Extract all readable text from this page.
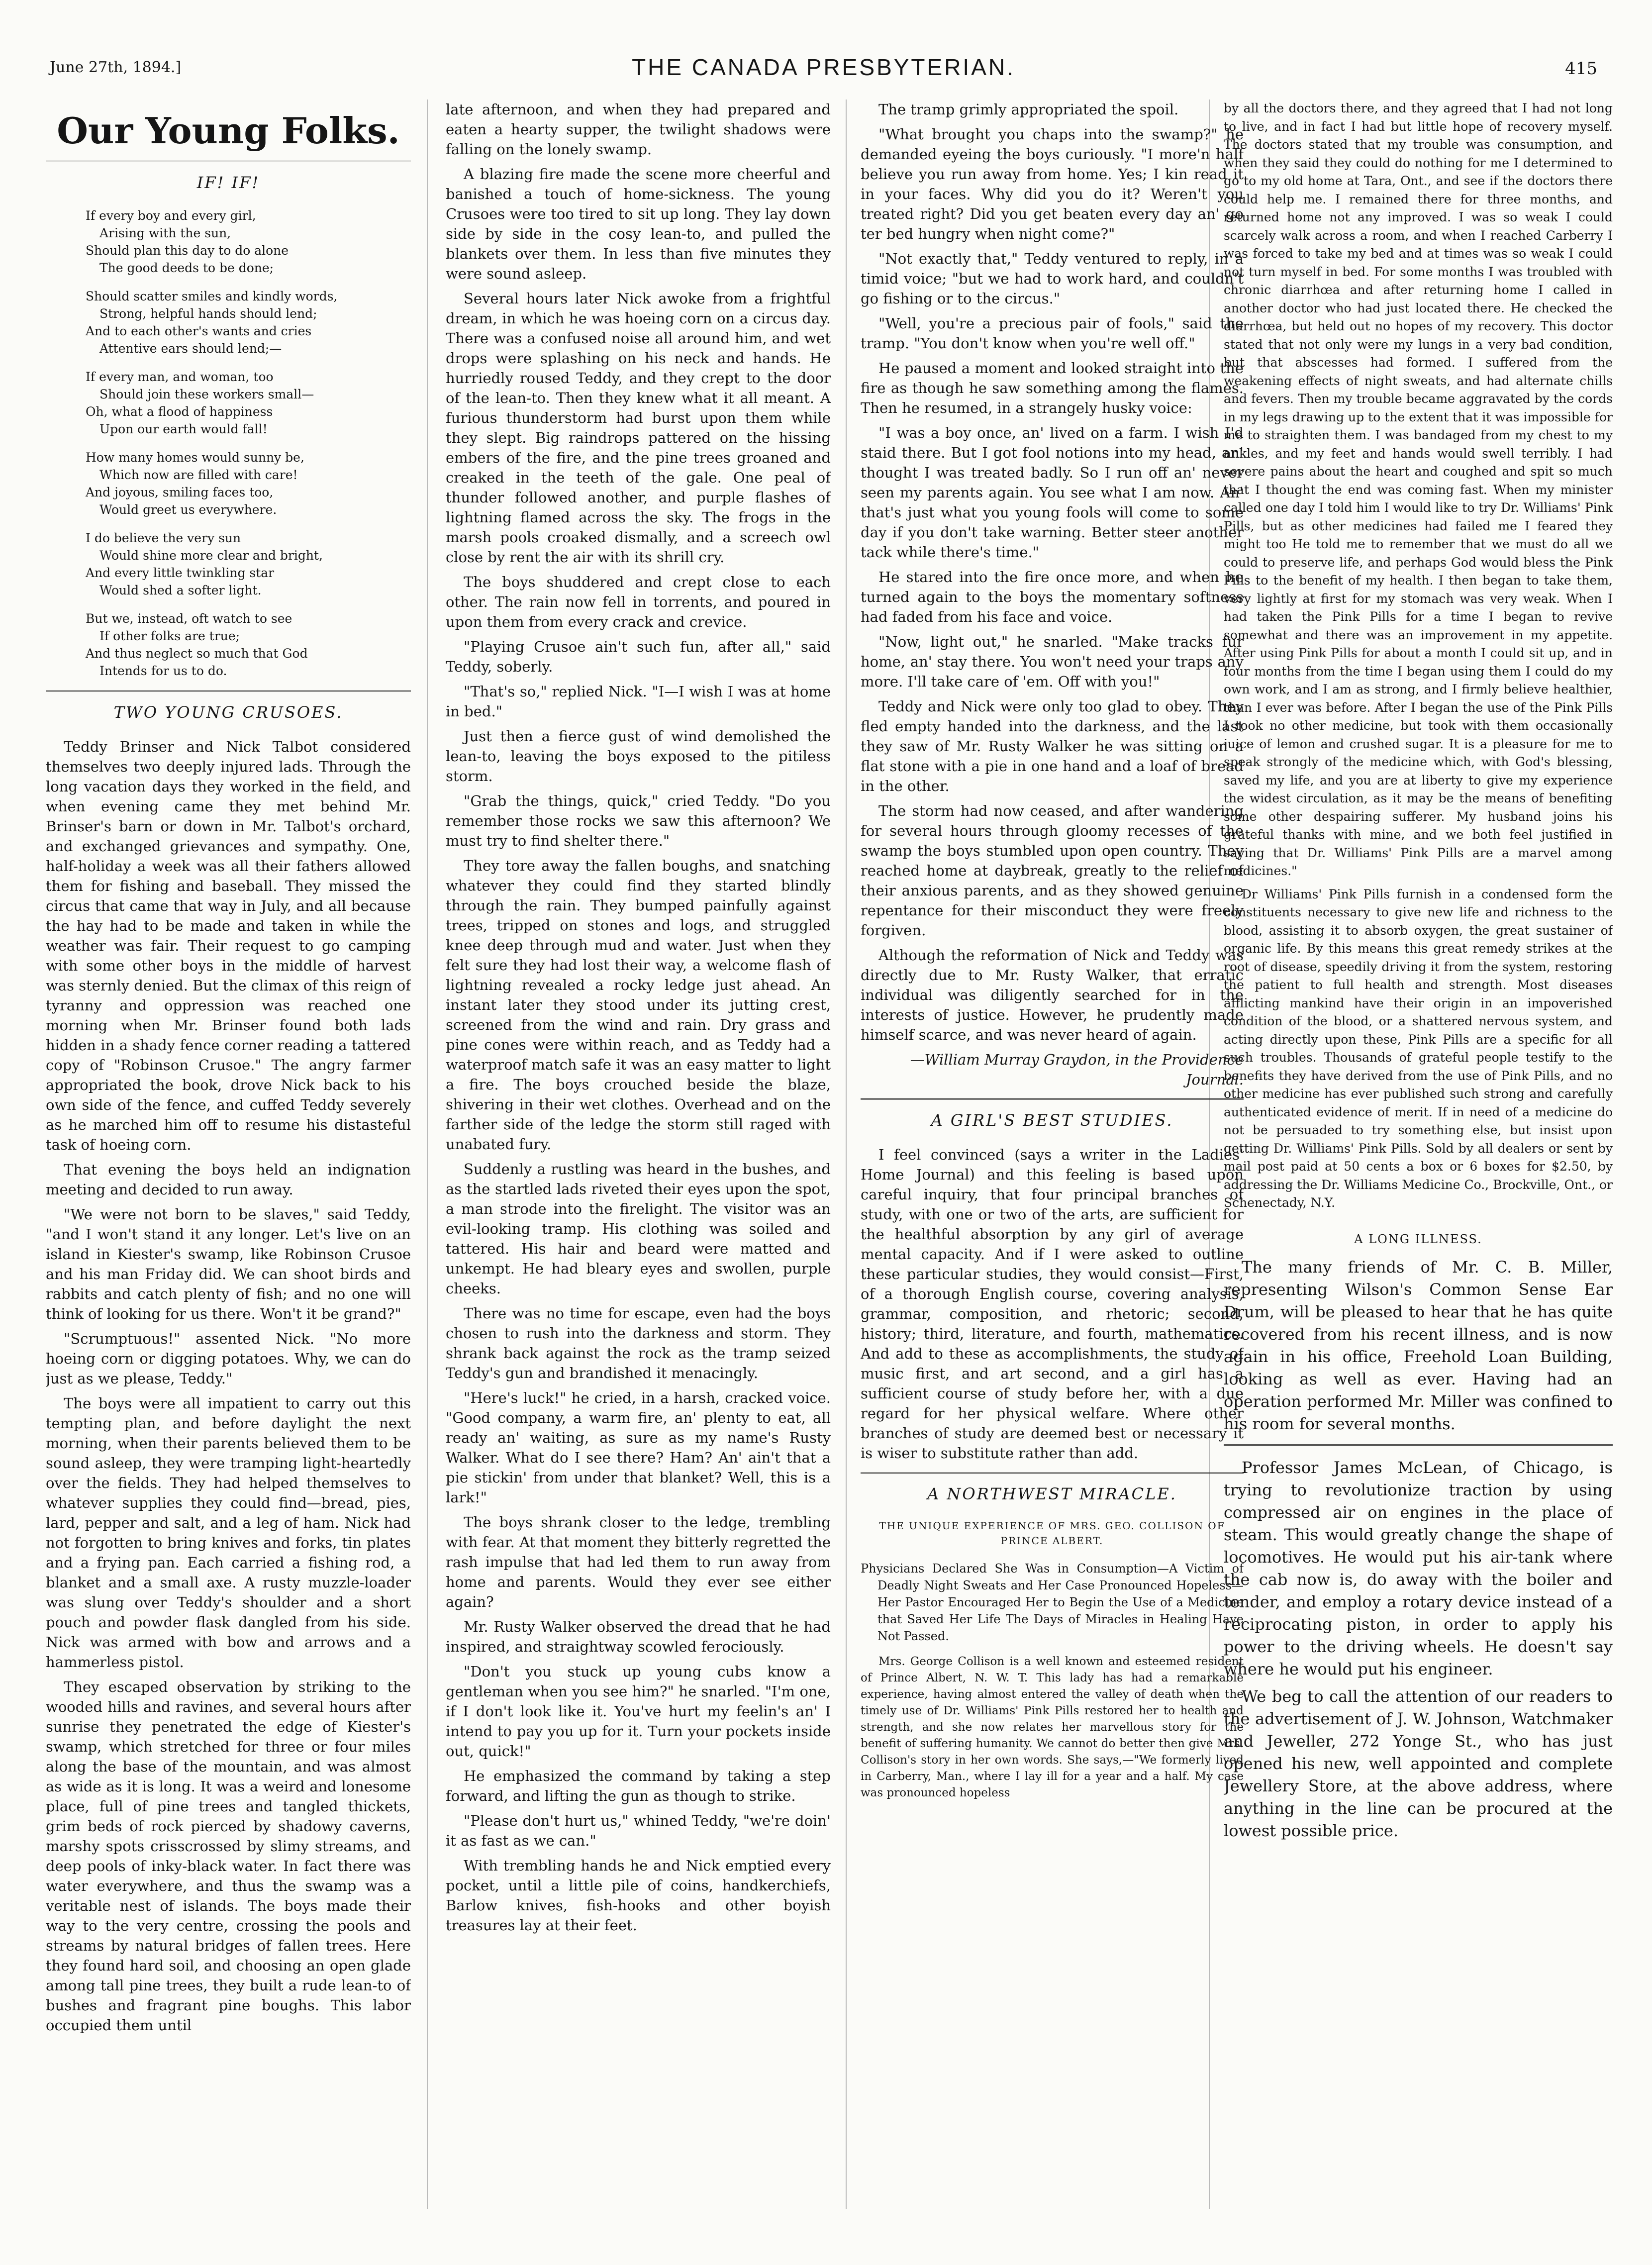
June 27th, 1894.]	THE CANADA PRESBYTERIAN.	415
Our Young Folks.
IF! IF!
If every boy and every girl,
Arising with the sun,
Should plan this day to do alone
The good deeds to be done;
Should scatter smiles and kindly words,
Strong, helpful hands should lend;
And to each other's wants and cries
Attentive ears should lend;—
If every man, and woman, too
Should join these workers small—
Oh, what a flood of happiness
Upon our earth would fall!
How many homes would sunny be,
Which now are filled with care!
And joyous, smiling faces too,
Would greet us everywhere.
I do believe the very sun
Would shine more clear and bright,
And every little twinkling star
Would shed a softer light.
But we, instead, oft watch to see
If other folks are true;
And thus neglect so much that God
Intends for us to do.
TWO YOUNG CRUSOES.

Teddy Brinser and Nick Talbot considered themselves two deeply injured lads. Through the long vacation days they worked in the field, and when evening came they met behind Mr. Brinser's barn or down in Mr. Talbot's orchard, and exchanged grievances and sympathy. One, half-holiday a week was all their fathers allowed them for fishing and baseball. They missed the circus that came that way in July, and all because the hay had to be made and taken in while the weather was fair. Their request to go camping with some other boys in the middle of harvest was sternly denied. But the climax of this reign of tyranny and oppression was reached one morning when Mr. Brinser found both lads hidden in a shady fence corner reading a tattered copy of "Robinson Crusoe." The angry farmer appropriated the book, drove Nick back to his own side of the fence, and cuffed Teddy severely as he marched him off to resume his distasteful task of hoeing corn.

That evening the boys held an indignation meeting and decided to run away.

"We were not born to be slaves," said Teddy, "and I won't stand it any longer. Let's live on an island in Kiester's swamp, like Robinson Crusoe and his man Friday did. We can shoot birds and rabbits and catch plenty of fish; and no one will think of looking for us there. Won't it be grand?"

"Scrumptuous!" assented Nick. "No more hoeing corn or digging potatoes. Why, we can do just as we please, Teddy."

The boys were all impatient to carry out this tempting plan, and before daylight the next morning, when their parents believed them to be sound asleep, they were tramping light-heartedly over the fields. They had helped themselves to whatever supplies they could find—bread, pies, lard, pepper and salt, and a leg of ham. Nick had not forgotten to bring knives and forks, tin plates and a frying pan. Each carried a fishing rod, a blanket and a small axe. A rusty muzzle-loader was slung over Teddy's shoulder and a short pouch and powder flask dangled from his side. Nick was armed with bow and arrows and a hammerless pistol.

They escaped observation by striking to the wooded hills and ravines, and several hours after sunrise they penetrated the edge of Kiester's swamp, which stretched for three or four miles along the base of the mountain, and was almost as wide as it is long. It was a weird and lonesome place, full of pine trees and tangled thickets, grim beds of rock pierced by shadowy caverns, marshy spots crisscrossed by slimy streams, and deep pools of inky-black water. In fact there was water everywhere, and thus the swamp was a veritable nest of islands. The boys made their way to the very centre, crossing the pools and streams by natural bridges of fallen trees. Here they found hard soil, and choosing an open glade among tall pine trees, they built a rude lean-to of bushes and fragrant pine boughs. This labor occupied them until

late afternoon, and when they had prepared and eaten a hearty supper, the twilight shadows were falling on the lonely swamp.

A blazing fire made the scene more cheerful and banished a touch of home-sickness. The young Crusoes were too tired to sit up long. They lay down side by side in the cosy lean-to, and pulled the blankets over them. In less than five minutes they were sound asleep.

Several hours later Nick awoke from a frightful dream, in which he was hoeing corn on a circus day. There was a confused noise all around him, and wet drops were splashing on his neck and hands. He hurriedly roused Teddy, and they crept to the door of the lean-to. Then they knew what it all meant. A furious thunderstorm had burst upon them while they slept. Big raindrops pattered on the hissing embers of the fire, and the pine trees groaned and creaked in the teeth of the gale. One peal of thunder followed another, and purple flashes of lightning flamed across the sky. The frogs in the marsh pools croaked dismally, and a screech owl close by rent the air with its shrill cry.

The boys shuddered and crept close to each other. The rain now fell in torrents, and poured in upon them from every crack and crevice.

"Playing Crusoe ain't such fun, after all," said Teddy, soberly.

"That's so," replied Nick. "I—I wish I was at home in bed."

Just then a fierce gust of wind demolished the lean-to, leaving the boys exposed to the pitiless storm.

"Grab the things, quick," cried Teddy. "Do you remember those rocks we saw this afternoon? We must try to find shelter there."

They tore away the fallen boughs, and snatching whatever they could find they started blindly through the rain. They bumped painfully against trees, tripped on stones and logs, and struggled knee deep through mud and water. Just when they felt sure they had lost their way, a welcome flash of lightning revealed a rocky ledge just ahead. An instant later they stood under its jutting crest, screened from the wind and rain. Dry grass and pine cones were within reach, and as Teddy had a waterproof match safe it was an easy matter to light a fire. The boys crouched beside the blaze, shivering in their wet clothes. Overhead and on the farther side of the ledge the storm still raged with unabated fury.

Suddenly a rustling was heard in the bushes, and as the startled lads riveted their eyes upon the spot, a man strode into the firelight. The visitor was an evil-looking tramp. His clothing was soiled and tattered. His hair and beard were matted and unkempt. He had bleary eyes and swollen, purple cheeks.

There was no time for escape, even had the boys chosen to rush into the darkness and storm. They shrank back against the rock as the tramp seized Teddy's gun and brandished it menacingly.

"Here's luck!" he cried, in a harsh, cracked voice. "Good company, a warm fire, an' plenty to eat, all ready an' waiting, as sure as my name's Rusty Walker. What do I see there? Ham? An' ain't that a pie stickin' from under that blanket? Well, this is a lark!"

The boys shrank closer to the ledge, trembling with fear. At that moment they bitterly regretted the rash impulse that had led them to run away from home and parents. Would they ever see either again?

Mr. Rusty Walker observed the dread that he had inspired, and straightway scowled ferociously.

"Don't you stuck up young cubs know a gentleman when you see him?" he snarled. "I'm one, if I don't look like it. You've hurt my feelin's an' I intend to pay you up for it. Turn your pockets inside out, quick!"

He emphasized the command by taking a step forward, and lifting the gun as though to strike.

"Please don't hurt us," whined Teddy, "we're doin' it as fast as we can."

With trembling hands he and Nick emptied every pocket, until a little pile of coins, handkerchiefs, Barlow knives, fish-hooks and other boyish treasures lay at their feet.

The tramp grimly appropriated the spoil.

"What brought you chaps into the swamp?" he demanded eyeing the boys curiously. "I more'n half believe you run away from home. Yes; I kin read it in your faces. Why did you do it? Weren't you treated right? Did you get beaten every day an' go ter bed hungry when night come?"

"Not exactly that," Teddy ventured to reply, in a timid voice; "but we had to work hard, and couldn't go fishing or to the circus."

"Well, you're a precious pair of fools," said the tramp. "You don't know when you're well off."

He paused a moment and looked straight into the fire as though he saw something among the flames. Then he resumed, in a strangely husky voice:

"I was a boy once, an' lived on a farm. I wish I'd staid there. But I got fool notions into my head, an' thought I was treated badly. So I run off an' never seen my parents again. You see what I am now. An' that's just what you young fools will come to some day if you don't take warning. Better steer another tack while there's time."

He stared into the fire once more, and when he turned again to the boys the momentary softness had faded from his face and voice.

"Now, light out," he snarled. "Make tracks fur home, an' stay there. You won't need your traps any more. I'll take care of 'em. Off with you!"

Teddy and Nick were only too glad to obey. They fled empty handed into the darkness, and the last they saw of Mr. Rusty Walker he was sitting on a flat stone with a pie in one hand and a loaf of bread in the other.

The storm had now ceased, and after wandering for several hours through gloomy recesses of the swamp the boys stumbled upon open country. They reached home at daybreak, greatly to the relief of their anxious parents, and as they showed genuine repentance for their misconduct they were freely forgiven.

Although the reformation of Nick and Teddy was directly due to Mr. Rusty Walker, that erratic individual was diligently searched for in the interests of justice. However, he prudently made himself scarce, and was never heard of again.

—William Murray Graydon, in the Providence Journal.

A GIRL'S BEST STUDIES.

I feel convinced (says a writer in the Ladies' Home Journal) and this feeling is based upon careful inquiry, that four principal branches of study, with one or two of the arts, are sufficient for the healthful absorption by any girl of average mental capacity. And if I were asked to outline these particular studies, they would consist—First, of a thorough English course, covering analysis, grammar, composition, and rhetoric; second, history; third, literature, and fourth, mathematics. And add to these as accomplishments, the study of music first, and art second, and a girl has a sufficient course of study before her, with a due regard for her physical welfare. Where other branches of study are deemed best or necessary it is wiser to substitute rather than add.

A NORTHWEST MIRACLE.
THE UNIQUE EXPERIENCE OF MRS. GEO. COLLISON OF PRINCE ALBERT.
Physicians Declared She Was in Consumption—A Victim of Deadly Night Sweats and Her Case Pronounced Hopeless—Her Pastor Encouraged Her to Begin the Use of a Medicine that Saved Her Life The Days of Miracles in Healing Have Not Passed.

Mrs. George Collison is a well known and esteemed resident of Prince Albert, N. W. T. This lady has had a remarkable experience, having almost entered the valley of death when the timely use of Dr. Williams' Pink Pills restored her to health and strength, and she now relates her marvellous story for the benefit of suffering humanity. We cannot do better then give Mrs. Collison's story in her own words. She says,—"We formerly lived in Carberry, Man., where I lay ill for a year and a half. My case was pronounced hopeless

by all the doctors there, and they agreed that I had not long to live, and in fact I had but little hope of recovery myself. The doctors stated that my trouble was consumption, and when they said they could do nothing for me I determined to go to my old home at Tara, Ont., and see if the doctors there could help me. I remained there for three months, and returned home not any improved. I was so weak I could scarcely walk across a room, and when I reached Carberry I was forced to take my bed and at times was so weak I could not turn myself in bed. For some months I was troubled with chronic diarrhœa and after returning home I called in another doctor who had just located there. He checked the diarrhœa, but held out no hopes of my recovery. This doctor stated that not only were my lungs in a very bad condition, but that abscesses had formed. I suffered from the weakening effects of night sweats, and had alternate chills and fevers. Then my trouble became aggravated by the cords in my legs drawing up to the extent that it was impossible for me to straighten them. I was bandaged from my chest to my ankles, and my feet and hands would swell terribly. I had severe pains about the heart and coughed and spit so much that I thought the end was coming fast. When my minister called one day I told him I would like to try Dr. Williams' Pink Pills, but as other medicines had failed me I feared they might too He told me to remember that we must do all we could to preserve life, and perhaps God would bless the Pink Pills to the benefit of my health. I then began to take them, very lightly at first for my stomach was very weak. When I had taken the Pink Pills for a time I began to revive somewhat and there was an improvement in my appetite. After using Pink Pills for about a month I could sit up, and in four months from the time I began using them I could do my own work, and I am as strong, and I firmly believe healthier, than I ever was before. After I began the use of the Pink Pills I took no other medicine, but took with them occasionally juice of lemon and crushed sugar. It is a pleasure for me to speak strongly of the medicine which, with God's blessing, saved my life, and you are at liberty to give my experience the widest circulation, as it may be the means of benefiting some other despairing sufferer. My husband joins his grateful thanks with mine, and we both feel justified in saying that Dr. Williams' Pink Pills are a marvel among medicines."

Dr Williams' Pink Pills furnish in a condensed form the constituents necessary to give new life and richness to the blood, assisting it to absorb oxygen, the great sustainer of organic life. By this means this great remedy strikes at the root of disease, speedily driving it from the system, restoring the patient to full health and strength. Most diseases afflicting mankind have their origin in an impoverished condition of the blood, or a shattered nervous system, and acting directly upon these, Pink Pills are a specific for all such troubles. Thousands of grateful people testify to the benefits they have derived from the use of Pink Pills, and no other medicine has ever published such strong and carefully authenticated evidence of merit. If in need of a medicine do not be persuaded to try something else, but insist upon getting Dr. Williams' Pink Pills. Sold by all dealers or sent by mail post paid at 50 cents a box or 6 boxes for $2.50, by addressing the Dr. Williams Medicine Co., Brockville, Ont., or Schenectady, N.Y.

A LONG ILLNESS.

The many friends of Mr. C. B. Miller, representing Wilson's Common Sense Ear Drum, will be pleased to hear that he has quite recovered from his recent illness, and is now again in his office, Freehold Loan Building, looking as well as ever. Having had an operation performed Mr. Miller was confined to his room for several months.

Professor James McLean, of Chicago, is trying to revolutionize traction by using compressed air on engines in the place of steam. This would greatly change the shape of locomotives. He would put his air-tank where the cab now is, do away with the boiler and tender, and employ a rotary device instead of a reciprocating piston, in order to apply his power to the driving wheels. He doesn't say where he would put his engineer.

We beg to call the attention of our readers to the advertisement of J. W. Johnson, Watchmaker and Jeweller, 272 Yonge St., who has just opened his new, well appointed and complete Jewellery Store, at the above address, where anything in the line can be procured at the lowest possible price.
